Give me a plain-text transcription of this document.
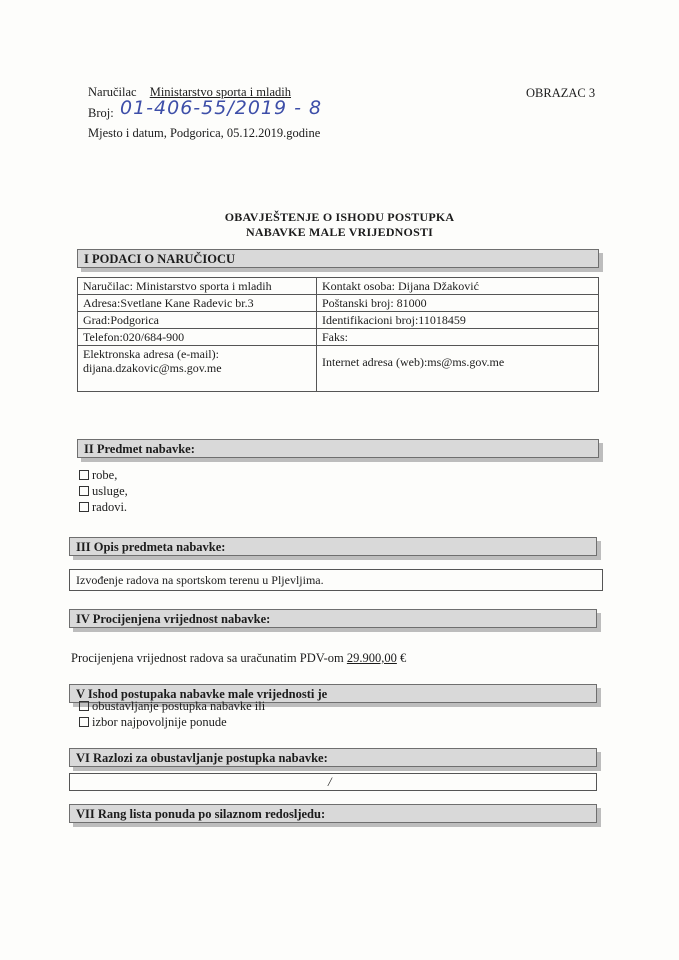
Naručilac Ministarstvo sporta i mladih
Broj: 01-406-55/2019 - 8
Mjesto i datum, Podgorica, 05.12.2019.godine
OBRAZAC 3
OBAVJEŠTENJE O ISHODU POSTUPKA
NABAVKE MALE VRIJEDNOSTI
I PODACI O NARUČIOCU
Naručilac: Ministarstvo sporta i mladih	Kontakt osoba: Dijana Džaković
Adresa:Svetlane Kane Radevic br.3	Poštanski broj: 81000
Grad:Podgorica	Identifikacioni broj:11018459
Telefon:020/684-900	Faks:

Elektronska adresa (e-mail):
dijana.dzakovic@ms.gov.me	Internet adresa (web):ms@ms.gov.me
II Predmet nabavke:
robe,
usluge,
radovi.
III Opis predmeta nabavke:
Izvođenje radova na sportskom terenu u Pljevljima.
IV Procijenjena vrijednost nabavke:
Procijenjena vrijednost radova sa uračunatim PDV-om 29.900,00 €
V Ishod postupaka nabavke male vrijednosti je
obustavljanje postupka nabavke ili
izbor najpovoljnije ponude
VI Razlozi za obustavljanje postupka nabavke:
/
VII Rang lista ponuda po silaznom redosljedu:
